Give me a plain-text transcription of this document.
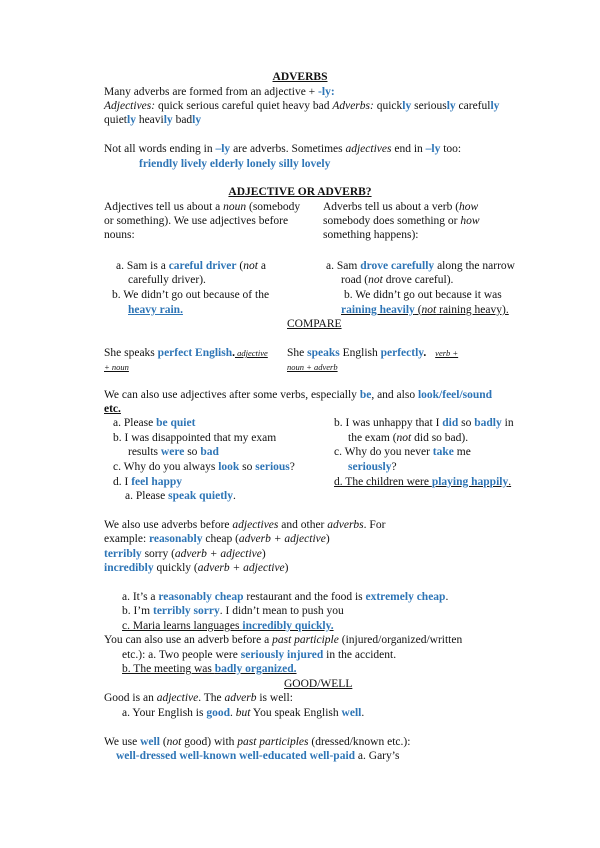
ADVERBS
Many adverbs are formed from an adjective + -ly:
Adjectives: quick serious careful quiet heavy bad Adverbs: quickly seriously carefully
quietly heavily badly
Not all words ending in –ly are adverbs. Sometimes adjectives end in –ly too:
friendly lively elderly lonely silly lovely
ADJECTIVE OR ADVERB?
Adjectives tell us about a noun (somebody
or something). We use adjectives before
nouns:
Adverbs tell us about a verb (how
somebody does something or how
something happens):
a. Sam is a careful driver (not a
carefully driver).
b. We didn’t go out because of the
heavy rain.
a. Sam drove carefully along the narrow
road (not drove careful).
b. We didn’t go out because it was
raining heavily (not raining heavy).
COMPARE
She speaks perfect English. adjective
+ noun
She speaks English perfectly. verb +
noun + adverb
We can also use adjectives after some verbs, especially be, and also look/feel/sound
etc.
a. Please be quiet
b. I was disappointed that my exam
results were so bad
c. Why do you always look so serious?
d. I feel happy
a. Please speak quietly.
b. I was unhappy that I did so badly in
the exam (not did so bad).
c. Why do you never take me
seriously?
d. The children were playing happily.
We also use adverbs before adjectives and other adverbs. For
example: reasonably cheap (adverb + adjective)
terribly sorry (adverb + adjective)
incredibly quickly (adverb + adjective)
a. It’s a reasonably cheap restaurant and the food is extremely cheap.
b. I’m terribly sorry. I didn’t mean to push you
c. Maria learns languages incredibly quickly.
You can also use an adverb before a past participle (injured/organized/written
etc.): a. Two people were seriously injured in the accident.
b. The meeting was badly organized.
GOOD/WELL
Good is an adjective. The adverb is well:
a. Your English is good. but You speak English well.
We use well (not good) with past participles (dressed/known etc.):
well-dressed well-known well-educated well-paid a. Gary’s
